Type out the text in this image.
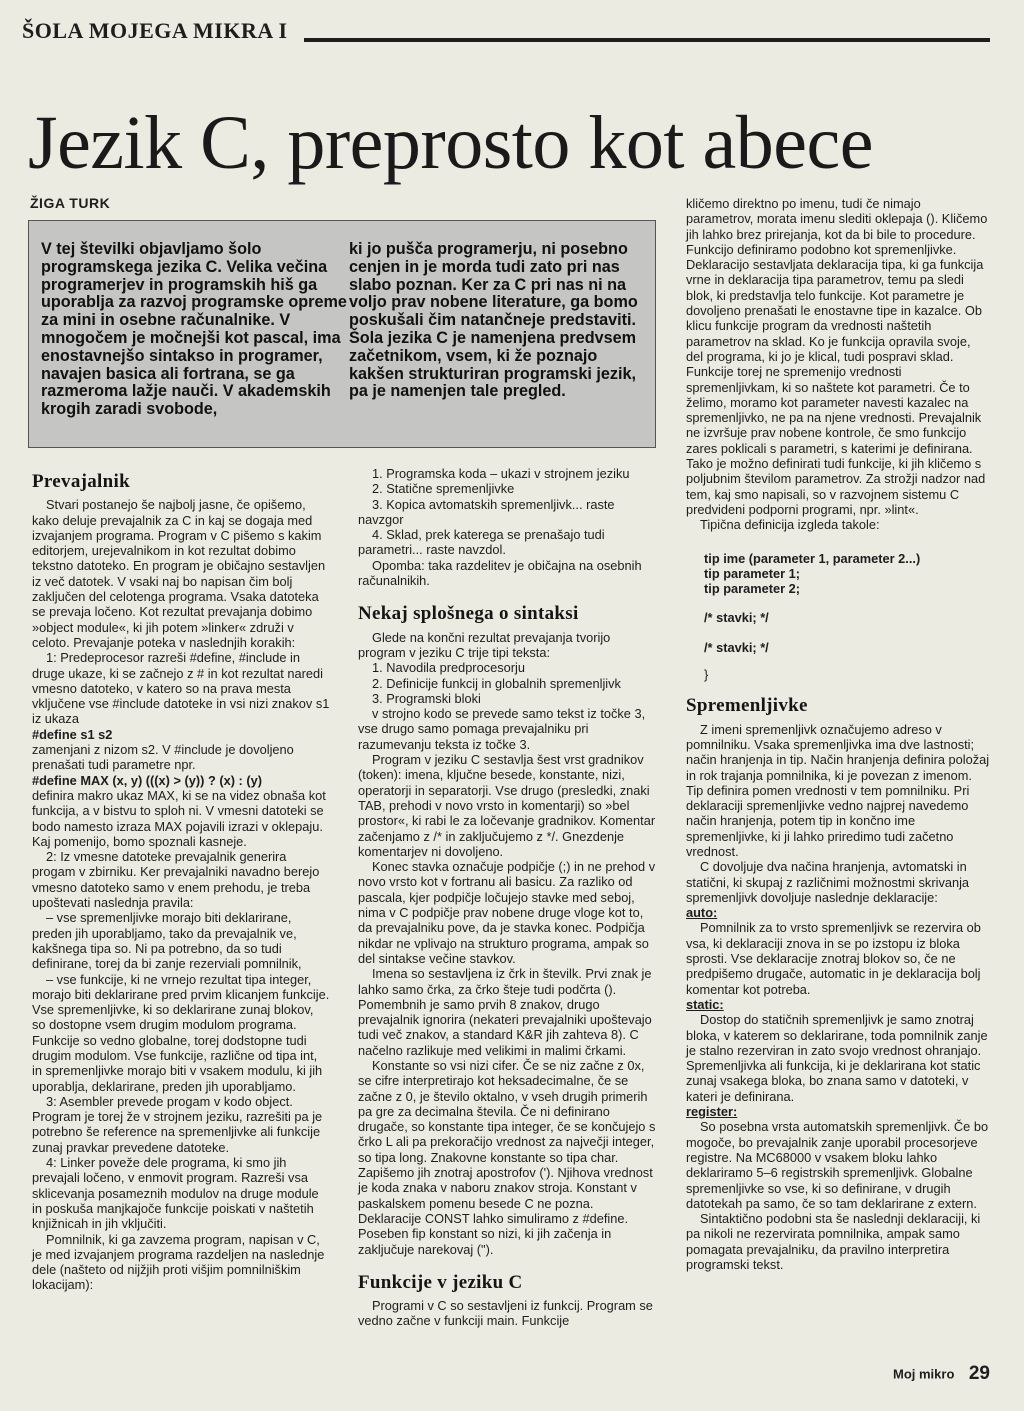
ŠOLA MOJEGA MIKRA I
Jezik C, preprosto kot abece
ŽIGA TURK

V tej številki objavljamo šolo programskega jezika C. Velika večina programerjev in programskih hiš ga uporablja za razvoj programske opreme za mini in osebne računalnike. V mnogočem je močnejši kot pascal, ima enostavnejšo sintakso in programer, navajen basica ali fortrana, se ga razmeroma lažje nauči. V akademskih krogih zaradi svobode,

ki jo pušča programerju, ni posebno cenjen in je morda tudi zato pri nas slabo poznan. Ker za C pri nas ni na voljo prav nobene literature, ga bomo poskušali čim natančneje predstaviti. Šola jezika C je namenjena predvsem začetnikom, vsem, ki že poznajo kakšen strukturiran programski jezik, pa je namenjen tale pregled.

Prevajalnik

Stvari postanejo še najbolj jasne, če opišemo, kako deluje prevajalnik za C in kaj se dogaja med izvajanjem programa. Program v C pišemo s kakim editorjem, urejevalnikom in kot rezultat dobimo tekstno datoteko. En program je običajno sestavljen iz več datotek. V vsaki naj bo napisan čim bolj zaključen del celotenga programa. Vsaka datoteka se prevaja ločeno. Kot rezultat prevajanja dobimo »object module«, ki jih potem »linker« združi v celoto. Prevajanje poteka v naslednjih korakih:

1: Predeprocesor razreši #define, #include in druge ukaze, ki se začnejo z # in kot rezultat naredi vmesno datoteko, v katero so na prava mesta vključene vse #include datoteke in vsi nizi znakov s1 iz ukaza

#define s1 s2

zamenjani z nizom s2. V #include je dovoljeno prenašati tudi parametre npr.

#define MAX (x, y) (((x) > (y)) ? (x) : (y)

definira makro ukaz MAX, ki se na videz obnaša kot funkcija, a v bistvu to sploh ni. V vmesni datoteki se bodo namesto izraza MAX pojavili izrazi v oklepaju. Kaj pomenijo, bomo spoznali kasneje.

2: Iz vmesne datoteke prevajalnik generira progam v zbirniku. Ker prevajalniki navadno berejo vmesno datoteko samo v enem prehodu, je treba upoštevati naslednja pravila:

– vse spremenljivke morajo biti deklarirane, preden jih uporabljamo, tako da prevajalnik ve, kakšnega tipa so. Ni pa potrebno, da so tudi definirane, torej da bi zanje rezerviali pomnilnik,

– vse funkcije, ki ne vrnejo rezultat tipa integer, morajo biti deklarirane pred prvim klicanjem funkcije. Vse spremenljivke, ki so deklarirane zunaj blokov, so dostopne vsem drugim modulom programa. Funkcije so vedno globalne, torej dodstopne tudi drugim modulom. Vse funkcije, različne od tipa int, in spremenljivke morajo biti v vsakem modulu, ki jih uporablja, deklarirane, preden jih uporabljamo.

3: Asembler prevede progam v kodo object. Program je torej že v strojnem jeziku, razrešiti pa je potrebno še reference na spremenljivke ali funkcije zunaj pravkar prevedene datoteke.

4: Linker poveže dele programa, ki smo jih prevajali ločeno, v enmovit program. Razreši vsa sklicevanja posameznih modulov na druge module in poskuša manjkajoče funkcije poiskati v naštetih knjižnicah in jih vključiti.

Pomnilnik, ki ga zavzema program, napisan v C, je med izvajanjem programa razdeljen na naslednje dele (našteto od nijžjih proti višjim pomnilniškim lokacijam):

1. Programska koda – ukazi v strojnem jeziku

2. Statične spremenljivke

3. Kopica avtomatskih spremenljivk... raste navzgor

4. Sklad, prek katerega se prenašajo tudi parametri... raste navzdol.

Opomba: taka razdelitev je običajna na osebnih računalnikih.

Nekaj splošnega o sintaksi

Glede na končni rezultat prevajanja tvorijo program v jeziku C trije tipi teksta:

1. Navodila predprocesorju

2. Definicije funkcij in globalnih spremenljivk

3. Programski bloki

v strojno kodo se prevede samo tekst iz točke 3, vse drugo samo pomaga prevajalniku pri razumevanju teksta iz točke 3.

Program v jeziku C sestavlja šest vrst gradnikov (token): imena, ključne besede, konstante, nizi, operatorji in separatorji. Vse drugo (presledki, znaki TAB, prehodi v novo vrsto in komentarji) so »bel prostor«, ki rabi le za ločevanje gradnikov. Komentar začenjamo z /* in zaključujemo z */. Gnezdenje komentarjev ni dovoljeno.

Konec stavka označuje podpičje (;) in ne prehod v novo vrsto kot v fortranu ali basicu. Za razliko od pascala, kjer podpičje ločujejo stavke med seboj, nima v C podpičje prav nobene druge vloge kot to, da prevajalniku pove, da je stavka konec. Podpičja nikdar ne vplivajo na strukturo programa, ampak so del sintakse večine stavkov.

Imena so sestavljena iz črk in številk. Prvi znak je lahko samo črka, za črko šteje tudi podčrta (). Pomembnih je samo prvih 8 znakov, drugo prevajalnik ignorira (nekateri prevajalniki upoštevajo tudi več znakov, a standard K&R jih zahteva 8). C načelno razlikuje med velikimi in malimi črkami.

Konstante so vsi nizi cifer. Če se niz začne z 0x, se cifre interpretirajo kot heksadecimalne, če se začne z 0, je število oktalno, v vseh drugih primerih pa gre za decimalna števila. Če ni definirano drugače, so konstante tipa integer, če se končujejo s črko L ali pa prekoračijo vrednost za največji integer, so tipa long. Znakovne konstante so tipa char. Zapišemo jih znotraj apostrofov ('). Njihova vrednost je koda znaka v naboru znakov stroja. Konstant v paskalskem pomenu besede C ne pozna. Deklaracije CONST lahko simuliramo z #define. Poseben fip konstant so nizi, ki jih začenja in zaključuje narekovaj (").

Funkcije v jeziku C

Programi v C so sestavljeni iz funkcij. Program se vedno začne v funkciji main. Funkcije

kličemo direktno po imenu, tudi če nimajo parametrov, morata imenu slediti oklepaja (). Kličemo jih lahko brez prirejanja, kot da bi bile to procedure. Funkcijo definiramo podobno kot spremenljivke. Deklaracijo sestavljata deklaracija tipa, ki ga funkcija vrne in deklaracija tipa parametrov, temu pa sledi blok, ki predstavlja telo funkcije. Kot parametre je dovoljeno prenašati le enostavne tipe in kazalce. Ob klicu funkcije program da vrednosti naštetih parametrov na sklad. Ko je funkcija opravila svoje, del programa, ki jo je klical, tudi pospravi sklad. Funkcije torej ne spremenijo vrednosti spremenljivkam, ki so naštete kot parametri. Če to želimo, moramo kot parameter navesti kazalec na spremenljivko, ne pa na njene vrednosti. Prevajalnik ne izvršuje prav nobene kontrole, če smo funkcijo zares poklicali s parametri, s katerimi je definirana. Tako je možno definirati tudi funkcije, ki jih kličemo s poljubnim številom parametrov. Za strožji nadzor nad tem, kaj smo napisali, so v razvojnem sistemu C predvideni podporni programi, npr. »lint«.

Tipična definicija izgleda takole:

tip ime (parameter 1, parameter 2...)

tip parameter 1;

tip parameter 2;

/* stavki; */

/* stavki; */

}

Spremenljivke

Z imeni spremenljivk označujemo adreso v pomnilniku. Vsaka spremenljivka ima dve lastnosti; način hranjenja in tip. Način hranjenja definira položaj in rok trajanja pomnilnika, ki je povezan z imenom. Tip definira pomen vrednosti v tem pomnilniku. Pri deklaraciji spremenljivke vedno najprej navedemo način hranjenja, potem tip in končno ime spremenljivke, ki ji lahko priredimo tudi začetno vrednost.

C dovoljuje dva načina hranjenja, avtomatski in statični, ki skupaj z različnimi možnostmi skrivanja spremenljivk dovoljuje naslednje deklaracije:

auto:

Pomnilnik za to vrsto spremenljivk se rezervira ob vsa, ki deklaraciji znova in se po izstopu iz bloka sprosti. Vse deklaracije znotraj blokov so, če ne predpišemo drugače, automatic in je deklaracija bolj komentar kot potreba.

static:

Dostop do statičnih spremenljivk je samo znotraj bloka, v katerem so deklarirane, toda pomnilnik zanje je stalno rezerviran in zato svojo vrednost ohranjajo. Spremenljivka ali funkcija, ki je deklarirana kot static zunaj vsakega bloka, bo znana samo v datoteki, v kateri je definirana.

register:

So posebna vrsta automatskih spremenljivk. Če bo mogoče, bo prevajalnik zanje uporabil procesorjeve registre. Na MC68000 v vsakem bloku lahko deklariramo 5–6 registrskih spremenljivk. Globalne spremenljivke so vse, ki so definirane, v drugih datotekah pa samo, če so tam deklarirane z extern.

Sintaktično podobni sta še naslednji deklaraciji, ki pa nikoli ne rezervirata pomnilnika, ampak samo pomagata prevajalniku, da pravilno interpretira programski tekst.

Moj mikro 29
